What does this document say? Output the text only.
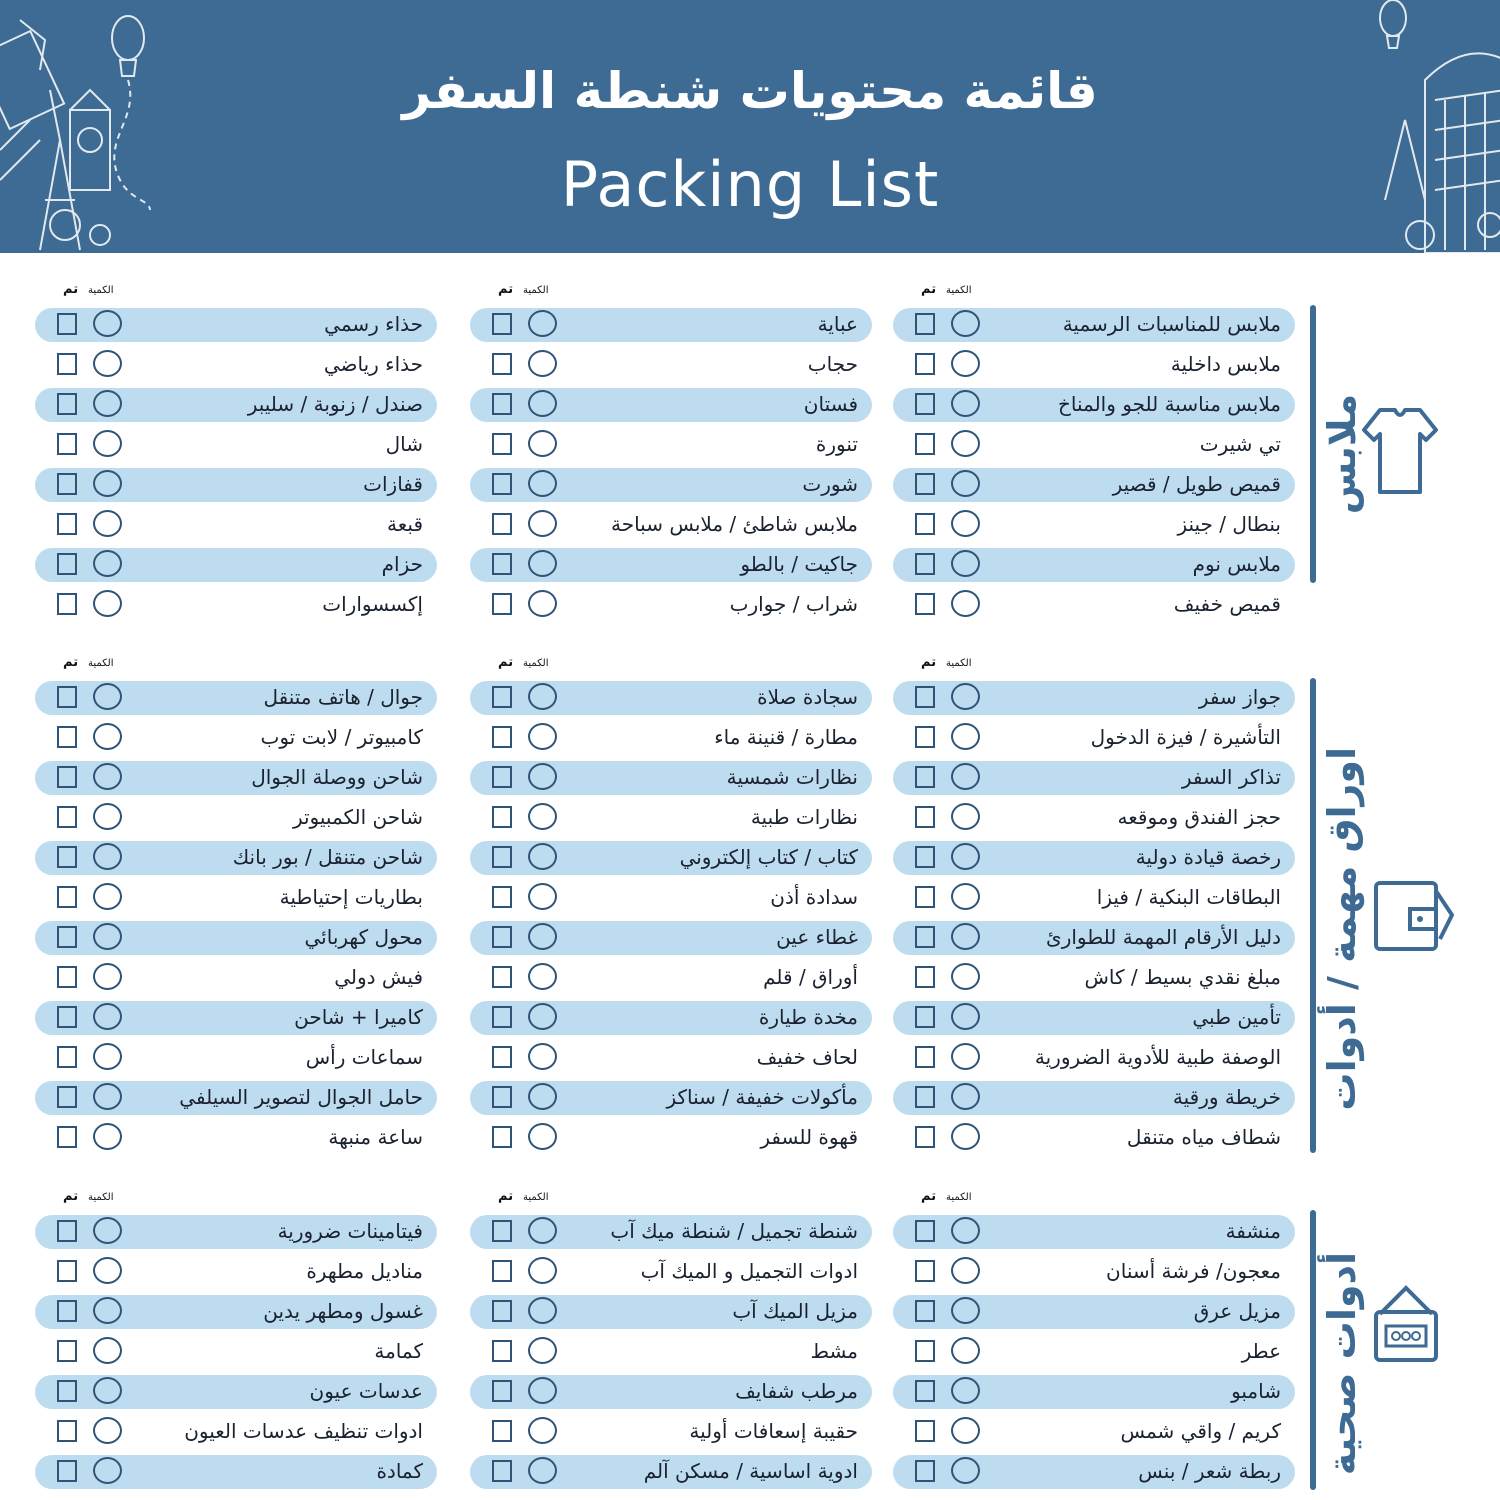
قائمة محتويات شنطة السفر
Packing List
ملابس
تم الكمية
ملابس للمناسبات الرسمية
ملابس داخلية
ملابس مناسبة للجو والمناخ
تي شيرت
قميص طويل / قصير
بنطال / جينز
ملابس نوم
قميص خفيف
تم الكمية
عباية
حجاب
فستان
تنورة
شورت
ملابس شاطئ / ملابس سباحة
جاكيت / بالطو
شراب / جوارب
تم الكمية
حذاء رسمي
حذاء رياضي
صندل / زنوبة / سليبر
شال
قفازات
قبعة
حزام
إكسسوارات
اوراق مهمة / أدوات
تم الكمية
جواز سفر
التأشيرة / فيزة الدخول
تذاكر السفر
حجز الفندق وموقعه
رخصة قيادة دولية
البطاقات البنكية / فيزا
دليل الأرقام المهمة للطوارئ
مبلغ نقدي بسيط / كاش
تأمين طبي
الوصفة طبية للأدوية الضرورية
خريطة ورقية
شطاف مياه متنقل
تم الكمية
سجادة صلاة
مطارة / قنينة ماء
نظارات شمسية
نظارات طبية
كتاب / كتاب إلكتروني
سدادة أذن
غطاء عين
أوراق / قلم
مخدة طيارة
لحاف خفيف
مأكولات خفيفة / سناكز
قهوة للسفر
تم الكمية
جوال / هاتف متنقل
كامبيوتر / لابت توب
شاحن ووصلة الجوال
شاحن الكمبيوتر
شاحن متنقل / بور بانك
بطاريات إحتياطية
محول كهربائي
فيش دولي
كاميرا + شاحن
سماعات رأس
حامل الجوال لتصوير السيلفي
ساعة منبهة
أدوات صحية
تم الكمية
منشفة
معجون/ فرشة أسنان
مزيل عرق
عطر
شامبو
كريم / واقي شمس
ربطة شعر / بنس
تم الكمية
شنطة تجميل / شنطة ميك آب
ادوات التجميل و الميك آب
مزيل الميك آب
مشط
مرطب شفايف
حقيبة إسعافات أولية
ادوية اساسية / مسكن آلم
تم الكمية
فيتامينات ضرورية
مناديل مطهرة
غسول ومطهر يدين
كمامة
عدسات عيون
ادوات تنظيف عدسات العيون
كمادة
